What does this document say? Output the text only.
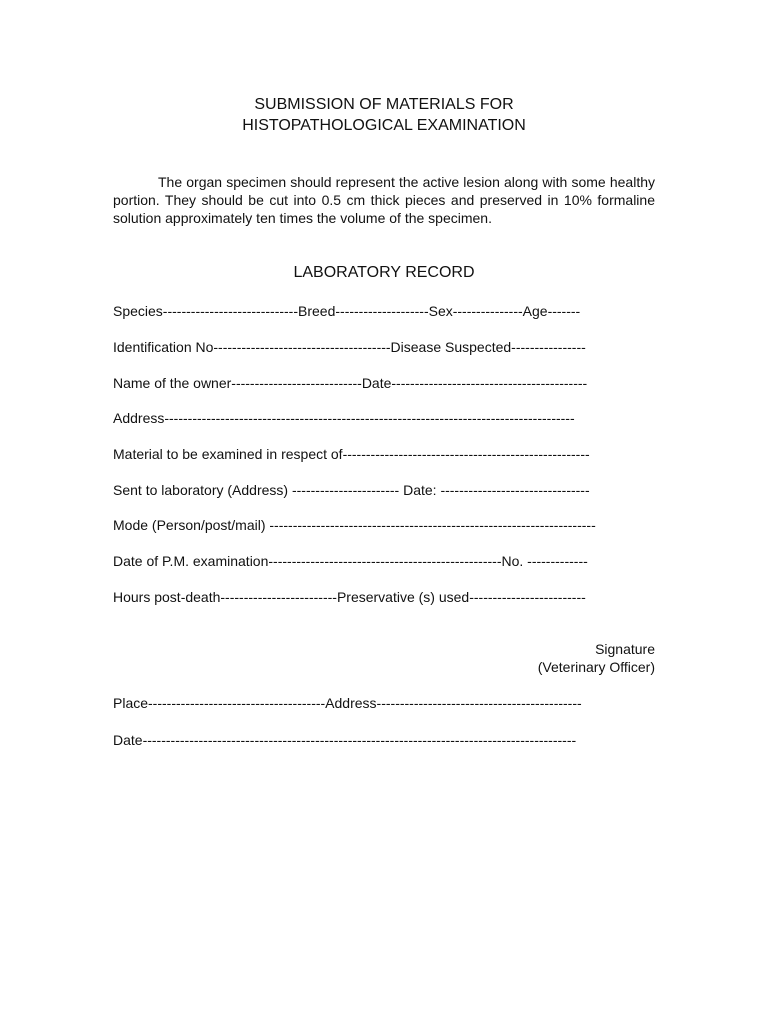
SUBMISSION OF MATERIALS FOR
HISTOPATHOLOGICAL EXAMINATION
The organ specimen should represent the active lesion along with some healthy portion. They should be cut into 0.5 cm thick pieces and preserved in 10% formaline solution approximately ten times the volume of the specimen.
LABORATORY RECORD
Species-----------------------------Breed--------------------Sex---------------Age-------
Identification No--------------------------------------Disease Suspected----------------
Name of the owner----------------------------Date------------------------------------------
Address----------------------------------------------------------------------------------------
Material to be examined in respect of-----------------------------------------------------
Sent to laboratory (Address) ----------------------- Date: --------------------------------
Mode (Person/post/mail) ----------------------------------------------------------------------
Date of P.M. examination--------------------------------------------------No. -------------
Hours post-death-------------------------Preservative (s) used-------------------------
Signature
(Veterinary Officer)
Place--------------------------------------Address--------------------------------------------
Date---------------------------------------------------------------------------------------------
